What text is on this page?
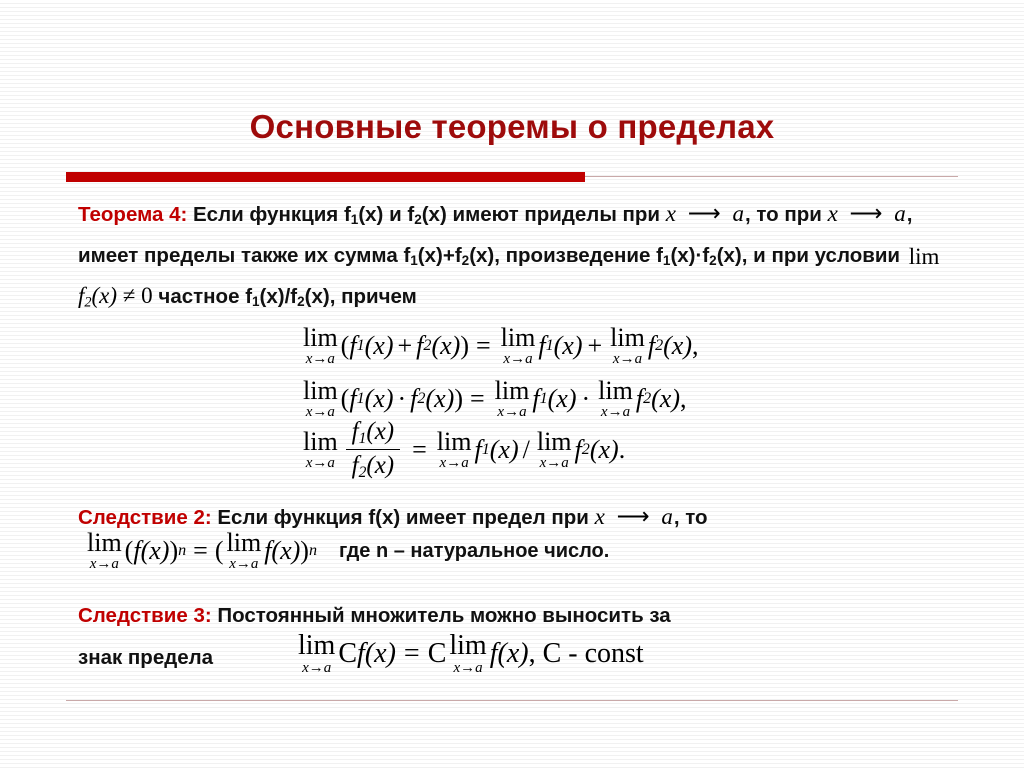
Основные теоремы о пределах
Теорема 4: Если функция $f_1(x)$ и $f_2(x)$ имеют приделы при x ⟶ a, то при x ⟶ a, имеет пределы также их сумма $f_1(x)+f_2(x)$, произведение $f_1(x)\cdot f_2(x)$, и при условии lim
f2(x) ≠ 0 частное $f_1(x)/f_2(x)$, причем
lim
x→a ( f 1 (x) + f 2 (x) ) = lim
x→a f 1 (x) + lim
x→a f 2 (x) ,
lim
x→a ( f 1 (x) · f 2 (x) ) = lim
x→a f 1 (x) · lim
x→a f 2 (x) ,
lim
$x\to a \frac{f1(x)}{f2(x)} = \lim$
x→a f 1 (x) / lim
x→a f 2 (x) .
Следствие 2: Если функция f(x) имеет предел при x ⟶ a, то
lim
x→a ( f (x) ) n = ( lim
x→a f (x) ) n	где n – натуральное число.
Следствие 3: Постоянный множитель можно выносить за
знак предела	lim
x→a C f (x) = C lim
x→a f (x) , C - const
